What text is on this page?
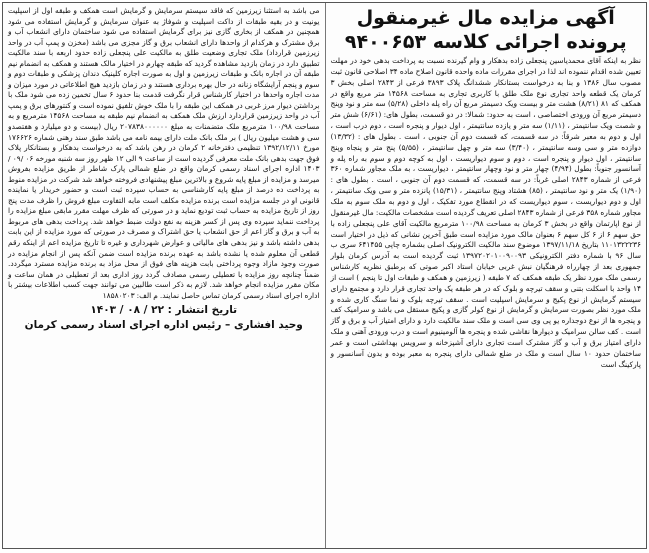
آگهی مزایده مال غیرمنقول
پرونده اجرائی کلاسه ۹۴۰۰۶۵۳

نظر به اینکه آقای محمدیاسین پنجعلی زاده بدهکار و وام گیرنده نسبت به پرداخت بدهی خود در مهلت تعیین شده اقدام ننموده اند لذا در اجرای مقررات ماده واحده قانون اصلاح ماده ۳۴ اصلاحی قانون ثبت مصوب سال ۱۳۸۶ و بنا به درخواست بستانکار ششدانگ پلاک ۳۸۹۳ فرعی از ۲۸۴۳ اصلی بخش ۳ کرمان یک قطعه واحد تجاری نوع ملک طلق با کاربری تجاری به مساحت ۱۴۵۶۸ متر مربع واقع در همکف که ۸۱ (۸/۲۱) هشت متر و بیست ویک دسیمتر مربع آن راه پله داخلی (۵/۲۸) سه متر و نود وپنج دسیمتر مربع آن ورودی اختصاصی ، است به حدود: شمالا: در دو قسمت، بطول های: (۶/۶۱) شش متر و شصت ویک سانتیمتر ، (۱/۱۱) سه متر و یازده سانتیمتر ، اول دیوار و پنجره است ، دوم درب است ، اول و دوم به معبر شرقاً: در سه قسمت، که قسمت دوم آن جنوبی ، است . بطول های : (۱۳/۳۲) دوازده متر و سی وسه سانتیمتر ، (۳/۴۰) سه متر و چهل سانتیمتر ، (۵/۵۵) پنج متر و پنجاه وپنج سانتیمتر ، اول دیوار و پنجره است ، دوم و سوم دیواریست ، اول به کوچه دوم و سوم به راه پله و آسانسور جنوباً: بطول (۴/۹۴) چهار متر و نود وچهار سانتیمتر ، دیواریست ، به ملک مجاور شماره ۳۶۰ فرعی از شماره ۲۸۴۳ اصلی غرباً: در سه قسمت، که قسمت دوم آن جنوبی ، است . بطول های : (۱/۹۰) یک متر و نود سانتیمتر ، (۸۵) هشتاد وپنج سانتیمتر ، (۱۵/۳۱) پانزده متر و سی ویک سانتیمتر ، اول و دوم دیواریست ، سوم دیواریست که در انقطاع مورد تفکیک ، اول و دوم به ملک سوم به ملک مجاور شماره ۳۵۸ فرعی از شماره ۲۸۴۳ اصلی تعریف گردیده است مشخصات مالکیت: مال غیرمنقول از نوع اپارتمان واقع در بخش ۳ کرمان به مساحت ۱۰۰/۹۸ مترمربع مالکیت آقای علی پنجعلی زاده با حق سهم ۶ از ۶ کل سهم ۶ بعنوان مالک مورد مزایده است طبق آخرین نشانی که ذیل در اختیار است ۱۱۰۱۳۲۲۲۳۶ بتاریخ ۱۳۹۷/۱۱/۱۸ موضوع سند مالکیت الکترونیک اصلی بشماره چاپی ۶۴۱۴۵۵ سری ب سال ۹۶ با شماره دفتر الکترونیکی ۱۳۹۷۲۰۲۰۱۰۰۹۰۰۹۳ ثبت گردیده است به آدرس کرمان بلوار جمهوری بعد از چهارراه فرهنگیان نبش غربی خیابان استاد اکبر صوتی که برطبق نظریه کارشناس رسمی ملک مورد نظر یک طبقه همکف که ۷ طبقه ( زیرزمین و همکف و طبقات اول تا پنجم ) است از ۱۴ واحد با اسکلت بتنی و سقف تیرچه و بلوک که در هر طبقه یک واحد تجاری قرار دارد و مجتمع دارای سیستم گرمایش از نوع پکیج و سرمایش اسپلیت است . سقف تیرچه بلوک و نما سنگ کاری شده و ملک مورد نظر بصورت سرمایش و گرمایش از نوع کولر گازی و پکیج مستقل می باشد و سرامیک کف و پنجره ها از نوع دوجداره یو پی وی سی است و ملک سند مالکیت دارد و دارای امتیاز آب و برق و گاز است . کف سالن سرامیک و دیوارها نقاشی شده و پنجره ها آلومینیوم است و درب ورودی آهنی و ملک دارای امتیاز برق و آب و گاز مشترک است تجاری دارای آشپزخانه و سرویس بهداشتی است و عمر ساختمان حدود ۱۰ سال است و ملک در ضلع شمالی دارای پنجره به معبر بوده و بدون آسانسور و پارکینگ است

می باشد به استثنا زیرزمین که فاقد سیستم سرمایش و گرمایش است همکف و طبقه اول از اسپلیت یونیت و در بقیه طبقات از داکت اسپلیت و شوفاژ به عنوان سرمایش و گرمایش استفاده می شود همچنین در همکف از بخاری گازی نیز برای گرمایش استفاده می شود ساختمان دارای انشعاب آب و برق مشترک و هرکدام از واحدها دارای انشعاب برق و گاز مجزی می باشد (مخزن و پمپ آب در واحد زیرزمین قرارداد) ملک تجاری وضعیت طلق به مالکیت علی پنجعلی زاده حدود اربعه با سند مالکیت تطبیق دارد در زمان بازدید مشاهده گردید که طبقه چهارم در اختیار مالک هستند و همکف به انضمام نیم طبقه آن در اجاره بانک و طبقات زیرزمین و اول به صورت اجاره کلینیک دندان پزشکی و طبقات دوم و سوم و پنجم آرایشگاه زنانه در حال بهره برداری هستند و در زمان بازدید هیچ اطلاعاتی در مورد میزان و مدت اجاره واحدها در اختیار کارشناس قرار نگرفت قدمت بنا حدود ۶ سال تخمین زده می شود ملک با برداشتن دیوار مرز غربی در همکف این طبقه را با ملک خوش تلفیق نموده است و کنتورهای برق و پمپ آب در واحد زیرزمین قراردارد ارزش ملک همکف به انضمام نیم طبقه به مساحت ۱۴۵۶۸ مترمربع و به مساحت ۱۰۰/۹۸ مترمربع ملک متضمنات به مبلغ ۲۰۷۸۳۸۰۰۰۰۰۰ ریال (بیست و دو میلیارد و هفتصدو سی و هشت میلیون ریال ) بر ملک بانک ملت دارای بیمه نامه می باشد طبق سند رهنی شماره ۱۷۶۶۲۶ مورخ ۱۳۹۲/۱۲/۱۱ تنظیمی دفترخانه ۲ کرمان در رهن باشد که به درخواست بدهکار و بستانکار پلاک فوق جهت بدهی بانک ملت معرفی گردیده است از ساعت ۹ الی ۱۲ ظهر روز سه شنبه مورخه ۰۶ /۰۹ /۱۴۰۳ اداره اجرای اسناد رسمی کرمان واقع در ضلع شمالی پارک شاطر از طریق مزایده بفروش میرسد و مزایده از مبلغ پایه شروع و بالاترین مبلغ پیشنهادی فروخته خواهد شد شرکت در مزایده منوط به پرداخت ده درصد از مبلغ پایه کارشناسی به حساب سپرده ثبت است و حضور خریدار یا نماینده قانونی او در جلسه مزایده است برنده مزایده مکلف است مابه التفاوت مبلغ فروش را ظرف مدت پنج روز از تاریخ مزایده به حساب ثبت تودیع نماید و در صورتی که ظرف مهلت مقرر مابقی مبلغ مزایده را پرداخت ننماید سپرده وی پس از کسر هزینه به نفع دولت ضبط خواهد شد. پرداخت بدهی های مربوط به آب و برق و گاز اعم از حق انشعاب یا حق اشتراک و مصرف در صورتی که مورد مزایده از این بابت بدهی داشته باشد و نیز بدهی های مالیاتی و عوارض شهرداری و غیره تا تاریخ مزایده اعم از اینکه رقم قطعی آن معلوم شده یا نشده باشد به عهده برنده مزایده است ضمن آنکه پس از انجام مزایده در صورت وجود مازاد وجوه پرداختی بابت هزینه های فوق از محل مزاد به برنده مزایده مسترد میگردد. ضمناً چنانچه روز مزایده با تعطیلی رسمی مصادف گردد روز اداری بعد از تعطیلی در همان ساعت و مکان مقرر مزایده انجام خواهد شد. لازم به ذکر است طالبین می توانند جهت کسب اطلاعات بیشتر با اداره اجرای اسناد رسمی کرمان تماس حاصل نمایند. م الف: ۱۸۵۸۰۲۰۳

تاریخ انتشار : ۲۲ / ۰۸ / ۱۴۰۳
وحید افشاری – رئیس اداره اجرای اسناد رسمی کرمان
